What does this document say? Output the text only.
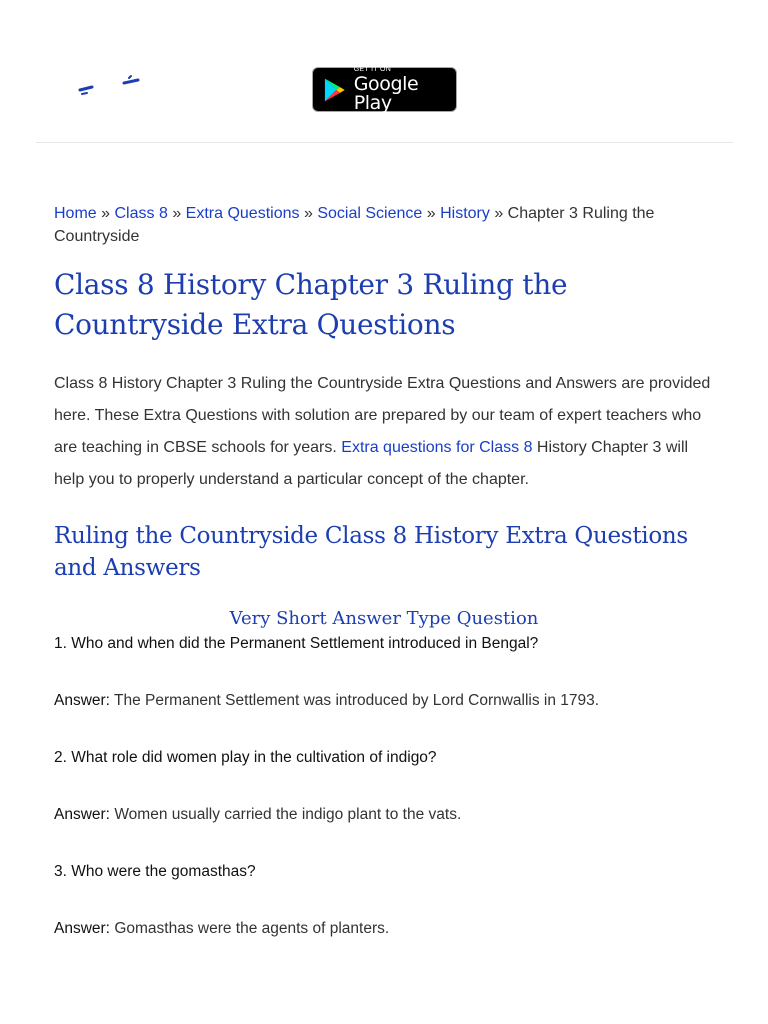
GET IT ON
Google Play
Home » Class 8 » Extra Questions » Social Science » History » Chapter 3 Ruling the Countryside
Class 8 History Chapter 3 Ruling the Countryside Extra Questions

Class 8 History Chapter 3 Ruling the Countryside Extra Questions and Answers are provided here. These Extra Questions with solution are prepared by our team of expert teachers who are teaching in CBSE schools for years. Extra questions for Class 8 History Chapter 3 will help you to properly understand a particular concept of the chapter.

Ruling the Countryside Class 8 History Extra Questions and Answers
Very Short Answer Type Question
1. Who and when did the Permanent Settlement introduced in Bengal?
Answer: The Permanent Settlement was introduced by Lord Cornwallis in 1793.
2. What role did women play in the cultivation of indigo?
Answer: Women usually carried the indigo plant to the vats.
3. Who were the gomasthas?
Answer: Gomasthas were the agents of planters.
